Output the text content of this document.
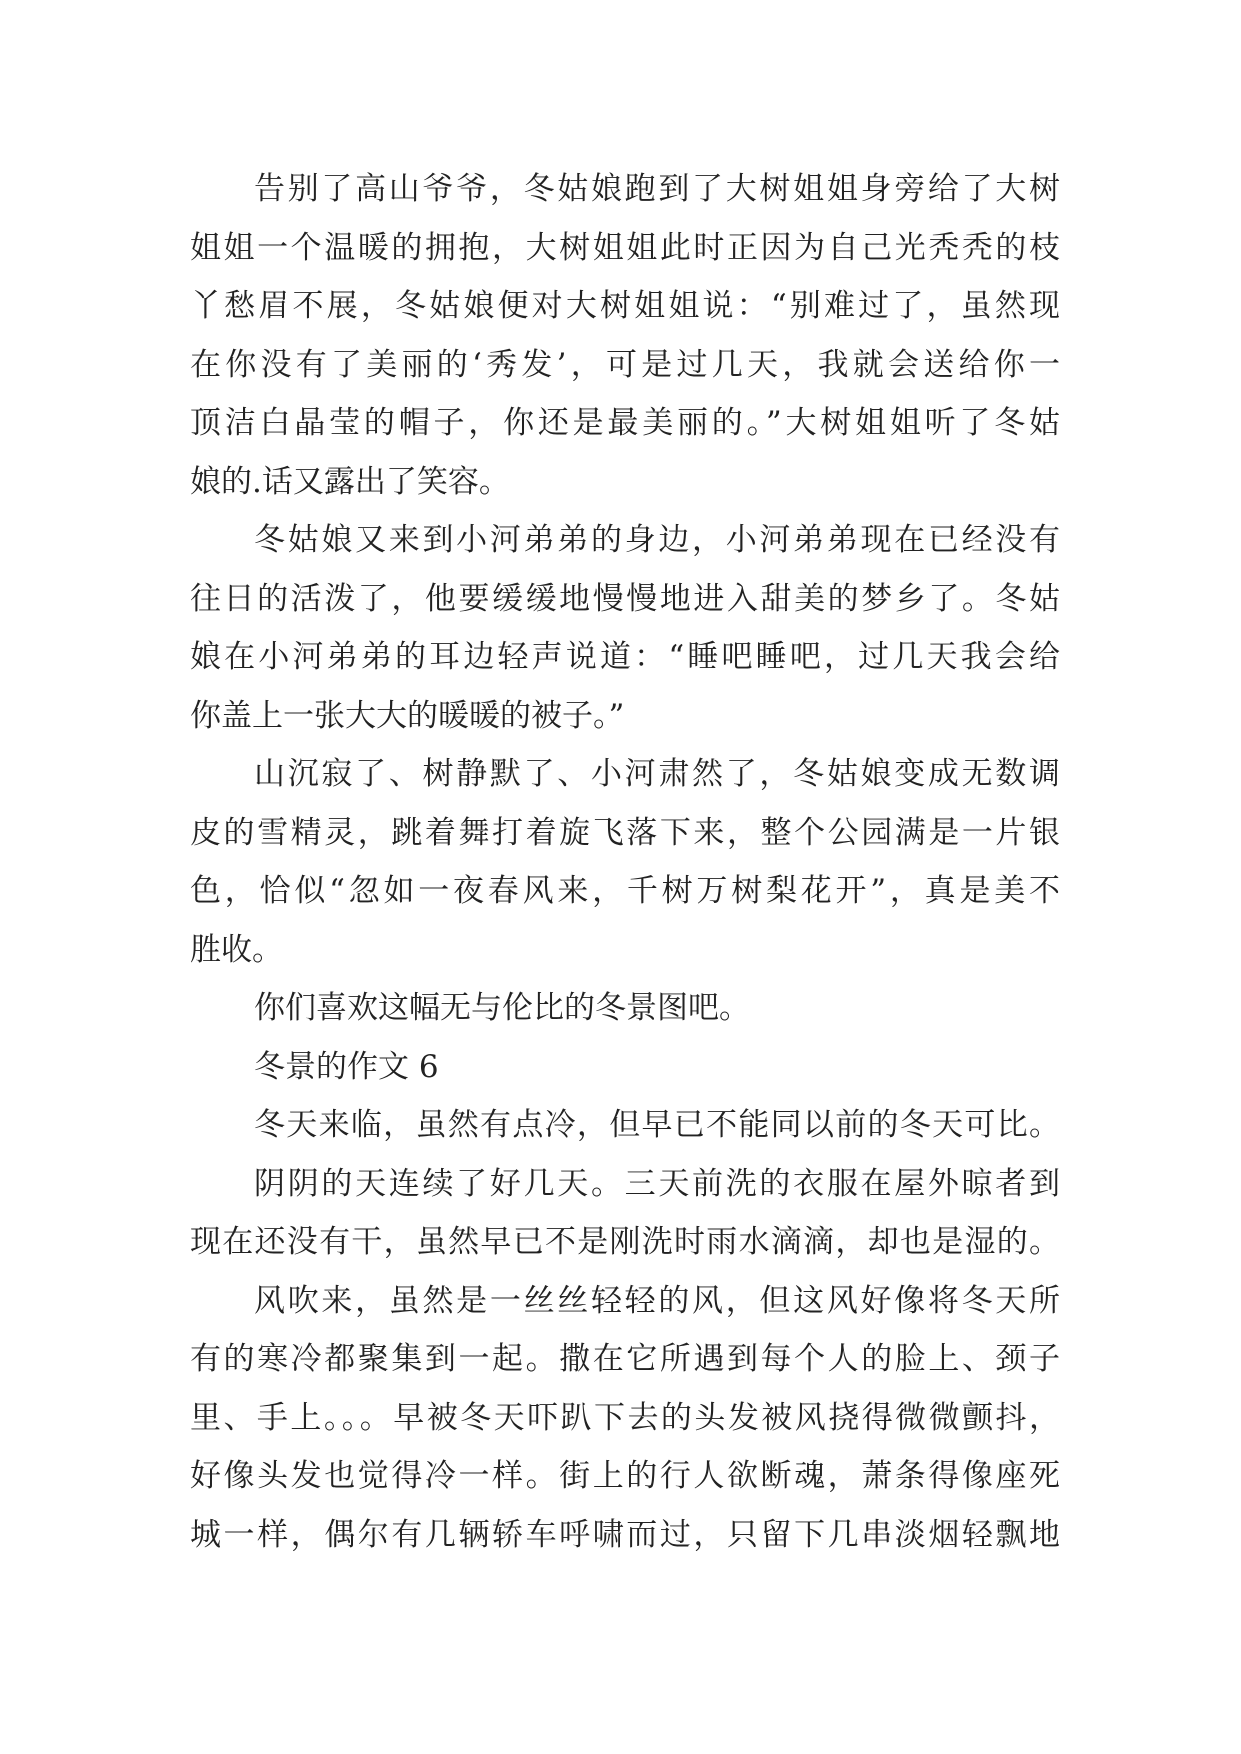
告别了高山爷爷，冬姑娘跑到了大树姐姐身旁给了大树
姐姐一个温暖的拥抱，大树姐姐此时正因为自己光秃秃的枝
丫愁眉不展，冬姑娘便对大树姐姐说：“别难过了，虽然现
在你没有了美丽的‘秀发’，可是过几天，我就会送给你一
顶洁白晶莹的帽子，你还是最美丽的。”大树姐姐听了冬姑
娘的.话又露出了笑容。
冬姑娘又来到小河弟弟的身边，小河弟弟现在已经没有
往日的活泼了，他要缓缓地慢慢地进入甜美的梦乡了。冬姑
娘在小河弟弟的耳边轻声说道：“睡吧睡吧，过几天我会给
你盖上一张大大的暖暖的被子。”
山沉寂了、树静默了、小河肃然了，冬姑娘变成无数调
皮的雪精灵，跳着舞打着旋飞落下来，整个公园满是一片银
色，恰似“忽如一夜春风来，千树万树梨花开”，真是美不
胜收。
你们喜欢这幅无与伦比的冬景图吧。
冬景的作文 6
冬天来临，虽然有点冷，但早已不能同以前的冬天可比。
阴阴的天连续了好几天。三天前洗的衣服在屋外晾者到
现在还没有干，虽然早已不是刚洗时雨水滴滴，却也是湿的。
风吹来，虽然是一丝丝轻轻的风，但这风好像将冬天所
有的寒冷都聚集到一起。撒在它所遇到每个人的脸上、颈子
里、手上。。。早被冬天吓趴下去的头发被风挠得微微颤抖，
好像头发也觉得冷一样。街上的行人欲断魂，萧条得像座死
城一样，偶尔有几辆轿车呼啸而过，只留下几串淡烟轻飘地
